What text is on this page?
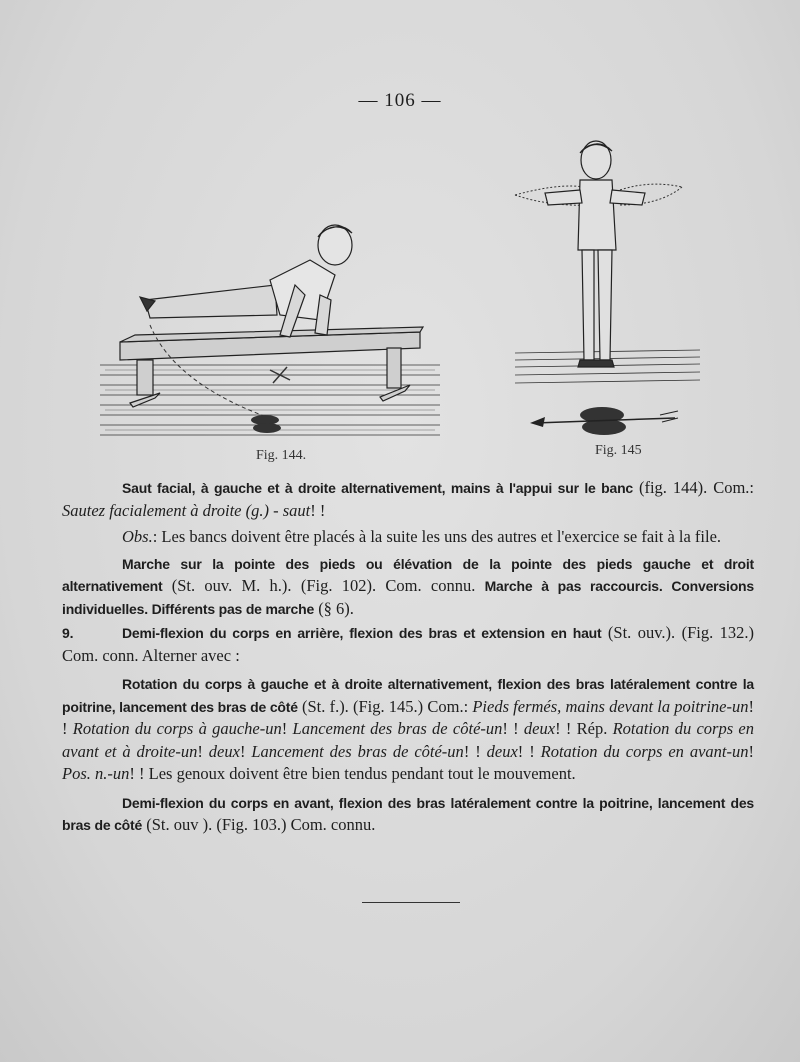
— 106 —
Fig. 144.	Fig. 145

Saut facial, à gauche et à droite alternativement, mains à l'appui sur le banc (fig. 144). Com.: Sautez facialement à droite (g.) - saut! !

Obs.: Les bancs doivent être placés à la suite les uns des autres et l'exercice se fait à la file.

Marche sur la pointe des pieds ou élévation de la pointe des pieds gauche et droit alternativement (St. ouv. M. h.). (Fig. 102). Com. connu. Marche à pas raccourcis. Conversions individuelles. Différents pas de marche (§ 6).

9.	Demi-flexion du corps en arrière, flexion des bras et extension en haut (St. ouv.). (Fig. 132.) Com. conn. Alterner avec :

Rotation du corps à gauche et à droite alternativement, flexion des bras latéralement contre la poitrine, lancement des bras de côté (St. f.). (Fig. 145.) Com.: Pieds fermés, mains devant la poitrine-un! ! Rotation du corps à gauche-un! Lancement des bras de côté-un! ! deux! ! Rép. Rotation du corps en avant et à droite-un! deux! Lancement des bras de côté-un! ! deux! ! Rotation du corps en avant-un! Pos. n.-un! ! Les genoux doivent être bien tendus pendant tout le mouvement.

Demi-flexion du corps en avant, flexion des bras latéralement contre la poitrine, lancement des bras de côté (St. ouv ). (Fig. 103.) Com. connu.
